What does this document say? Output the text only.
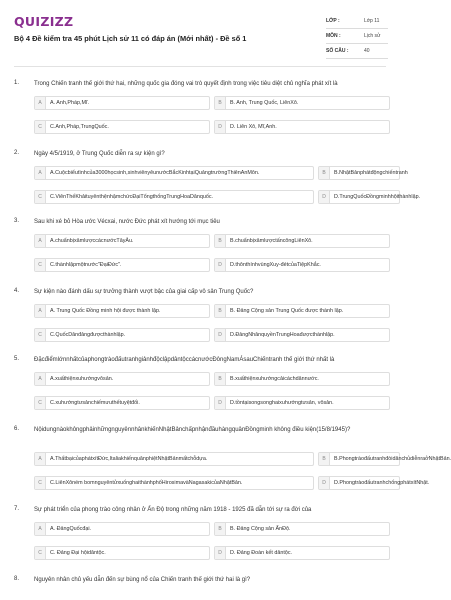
QUIZIZZ
Bộ 4 Đề kiểm tra 45 phút Lịch sử 11 có đáp án (Mới nhất) - Đề số 1
LỚP :	Lớp 11
MÔN :	Lịch sử
SỐ CÂU :	40
1. Trong Chiến tranh thế giới thứ hai, những quốc gia đóng vai trò quyết định trong việc tiêu diệt chủ nghĩa phát xít là
A	A. Anh,Pháp,Mĩ.	B	B. Anh, Trung Quốc, LiênXô.
C	C.Anh,Pháp,TrungQuốc.	D	D. Liên Xô, Mĩ,Anh.
2. Ngày 4/5/1919, ở Trung Quốc diễn ra sự kiện gì?
A	A.Cuộcbiểutìnhcủa3000họcsinh,sinhviênyêunướcBắcKinhtạiQuảngtrườngThiênAnMôn.	B	B.NhậtBảnphátđộngchiếntranh
C	C.ViênThếKhảituyênthệnhậmchứcĐạiTổngthốngTrungHoaDânquốc.	D	D.TrungQuốcĐồngminhhộithànhlập.
3. Sau khi xé bỏ Hòa ước Vécxai, nước Đức phát xít hướng tới mục tiêu
A	A.chuẩnbịxâmlượccácnướcTâyÂu.	B	B.chuẩnbịxâmlượctấncôngLiênXô.
C	C.thànhlậpmộtnước"ĐạiĐức".	D	D.thônthínhvùngXuy-đétcủaTiệpKhắc.
4. Sự kiện nào đánh dấu sự trưởng thành vượt bậc của giai cấp vô sản Trung Quốc?
A	A. Trung Quốc Đồng minh hội được thành lập.	B	B. Đảng Cộng sản Trung Quốc được thành lập.
C	C.QuốcDânđảngđượcthànhlập.	D	D.ĐảngNhânquyềnTrungHoađượcthànhlập.
5. ĐặcđiểmlớnnhấtcủaphongtràođấutranhgiảnhđộclậpdântộccácnướcĐôngNamÁsauChiếntranh thế giới thứ nhất là
A	A.xuấthiệnxuhướngvôsản.	B	B.xuấthiệnxuhướngcảicáchdânnước.
C	C.xuhướngtưsảnchiếmưuthếtuyệtđối.	D	D.tồntạisongsonghaixuhướngtưsản, vôsản.
6. NộidungnàokhôngphảinhữngnguyênnhânkhiếnNhậtBảnchấpnhậnđầuhàngquânĐồngminh không điều kiện(15/8/1945)?
A	A.ThấtbạicủaphátxítĐức,ItaliakhiếnquânphiệtNhậtBảnmấtchỗdựa.	B	B.PhongtràođấutranhđòidânchủdiễnraởNhậtBản.
C	C.LiênXôném bomnguyêntửxuốnghaithànhphốHirosimavàNagasakicủaNhậtBản.	D	D.PhongtràođấutranhchốngphátxítNhật.
7. Sự phát triển của phong trào công nhân ở Ấn Độ trong những năm 1918 - 1925 đã dẫn tới sự ra đời của
A	A. ĐảngQuốcđại.	B	B. Đảng Cộng sản ẤnĐộ.
C	C. Đảng Đại hộidântộc.	D	D. Đảng Đoàn kết dântộc.
8. Nguyên nhân chủ yếu dẫn đến sự bùng nổ của Chiến tranh thế giới thứ hai là gì?
